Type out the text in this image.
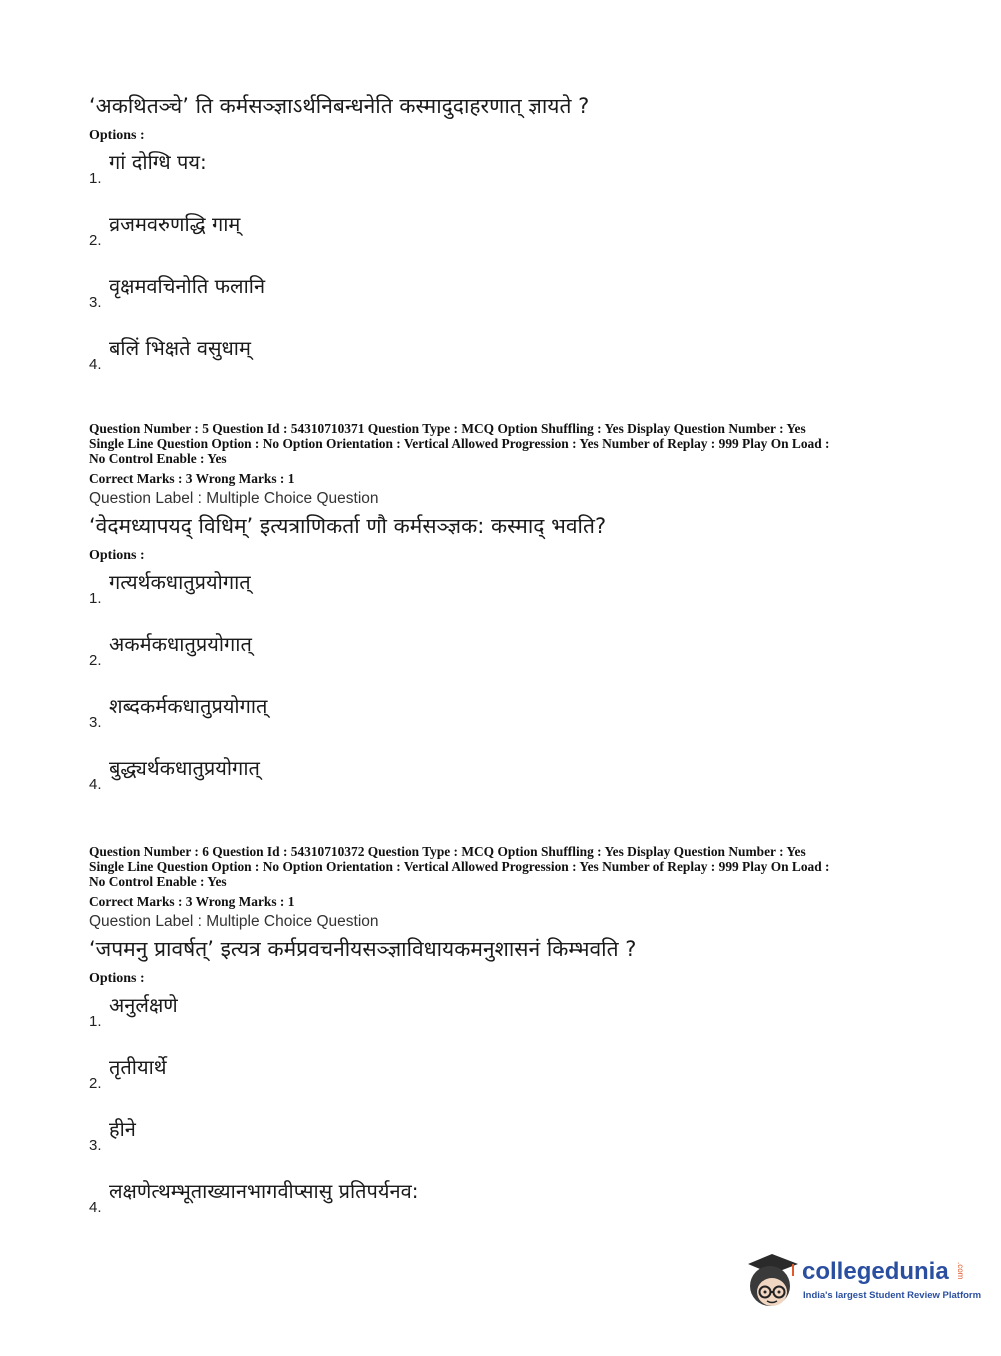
‘अकथितञ्चे’ ति कर्मसञ्ज्ञाऽर्थनिबन्धनेति कस्मादुदाहरणात् ज्ञायते ?
Options :
1.
गां दोग्धि पय:
2.
व्रजमवरुणद्धि गाम्
3.
वृक्षमवचिनोति फलानि
4.
बलिं भिक्षते वसुधाम्
Question Number : 5 Question Id : 54310710371 Question Type : MCQ Option Shuffling : Yes Display Question Number : Yes
Single Line Question Option : No Option Orientation : Vertical Allowed Progression : Yes Number of Replay : 999 Play On Load :
No Control Enable : Yes
Correct Marks : 3 Wrong Marks : 1
Question Label : Multiple Choice Question
‘वेदमध्यापयद् विधिम्’ इत्यत्राणिकर्ता णौ कर्मसञ्ज्ञक: कस्माद् भवति?
Options :
1.
गत्यर्थकधातुप्रयोगात्
2.
अकर्मकधातुप्रयोगात्
3.
शब्दकर्मकधातुप्रयोगात्
4.
बुद्ध्यर्थकधातुप्रयोगात्
Question Number : 6 Question Id : 54310710372 Question Type : MCQ Option Shuffling : Yes Display Question Number : Yes
Single Line Question Option : No Option Orientation : Vertical Allowed Progression : Yes Number of Replay : 999 Play On Load :
No Control Enable : Yes
Correct Marks : 3 Wrong Marks : 1
Question Label : Multiple Choice Question
‘जपमनु प्रावर्षत्’ इत्यत्र कर्मप्रवचनीयसञ्ज्ञाविधायकमनुशासनं किम्भवति ?
Options :
1.
अनुर्लक्षणे
2.
तृतीयार्थे
3.
हीने
4.
लक्षणेत्थम्भूताख्यानभागवीप्सासु प्रतिपर्यनव:
collegedunia .com
India's largest Student Review Platform
